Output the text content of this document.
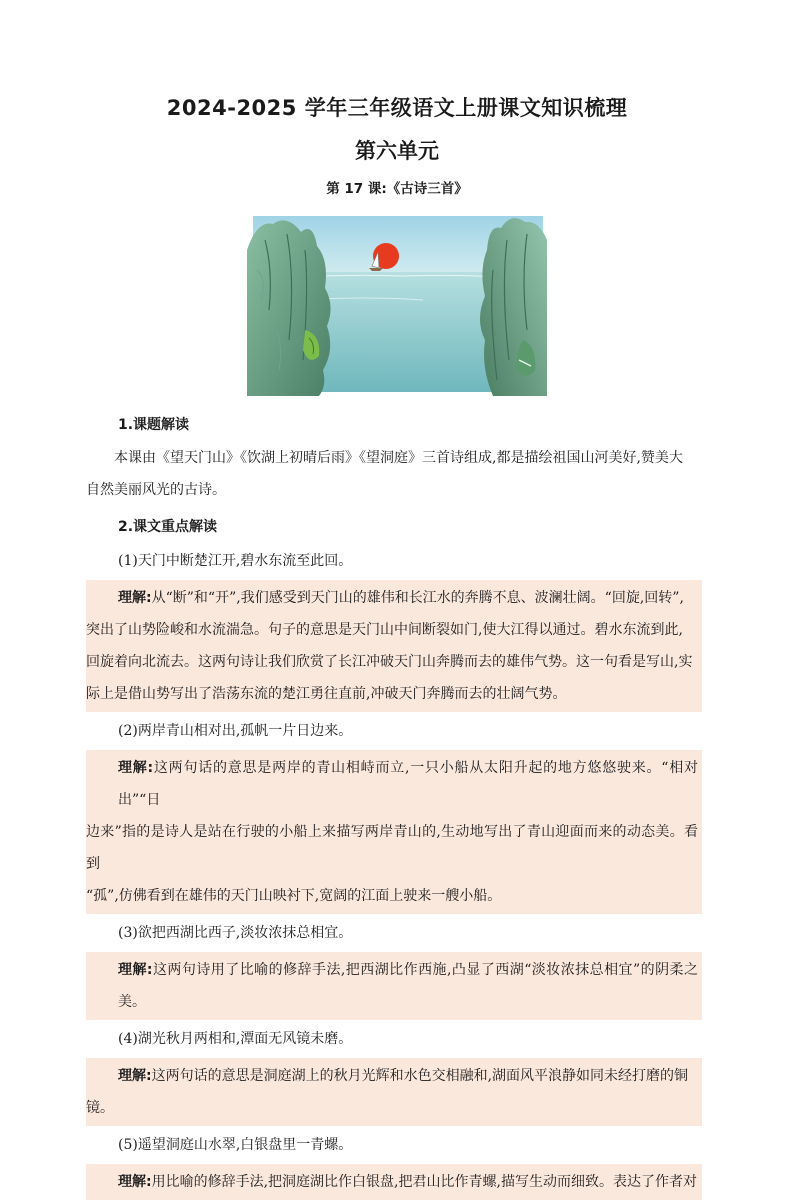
2024-2025 学年三年级语文上册课文知识梳理
第六单元
第 17 课:《古诗三首》
1.课题解读
本课由《望天门山》《饮湖上初晴后雨》《望洞庭》三首诗组成,都是描绘祖国山河美好,赞美大
自然美丽风光的古诗。
2.课文重点解读
(1)天门中断楚江开,碧水东流至此回。
理解:从“断”和“开”,我们感受到天门山的雄伟和长江水的奔腾不息、波澜壮阔。“回旋,回转”,
突出了山势险峻和水流湍急。句子的意思是天门山中间断裂如门,使大江得以通过。碧水东流到此,
回旋着向北流去。这两句诗让我们欣赏了长江冲破天门山奔腾而去的雄伟气势。这一句看是写山,实
际上是借山势写出了浩荡东流的楚江勇往直前,冲破天门奔腾而去的壮阔气势。
(2)两岸青山相对出,孤帆一片日边来。
理解:这两句话的意思是两岸的青山相峙而立,一只小船从太阳升起的地方悠悠驶来。“相对出”“日
边来”指的是诗人是站在行驶的小船上来描写两岸青山的,生动地写出了青山迎面而来的动态美。看到
“孤”,仿佛看到在雄伟的天门山映衬下,宽阔的江面上驶来一艘小船。
(3)欲把西湖比西子,淡妆浓抹总相宜。
理解:这两句诗用了比喻的修辞手法,把西湖比作西施,凸显了西湖“淡妆浓抹总相宜”的阴柔之美。
(4)湖光秋月两相和,潭面无风镜未磨。
理解:这两句话的意思是洞庭湖上的秋月光辉和水色交相融和,湖面风平浪静如同未经打磨的铜
镜。
(5)遥望洞庭山水翠,白银盘里一青螺。
理解:用比喻的修辞手法,把洞庭湖比作白银盘,把君山比作青螺,描写生动而细致。表达了作者对
